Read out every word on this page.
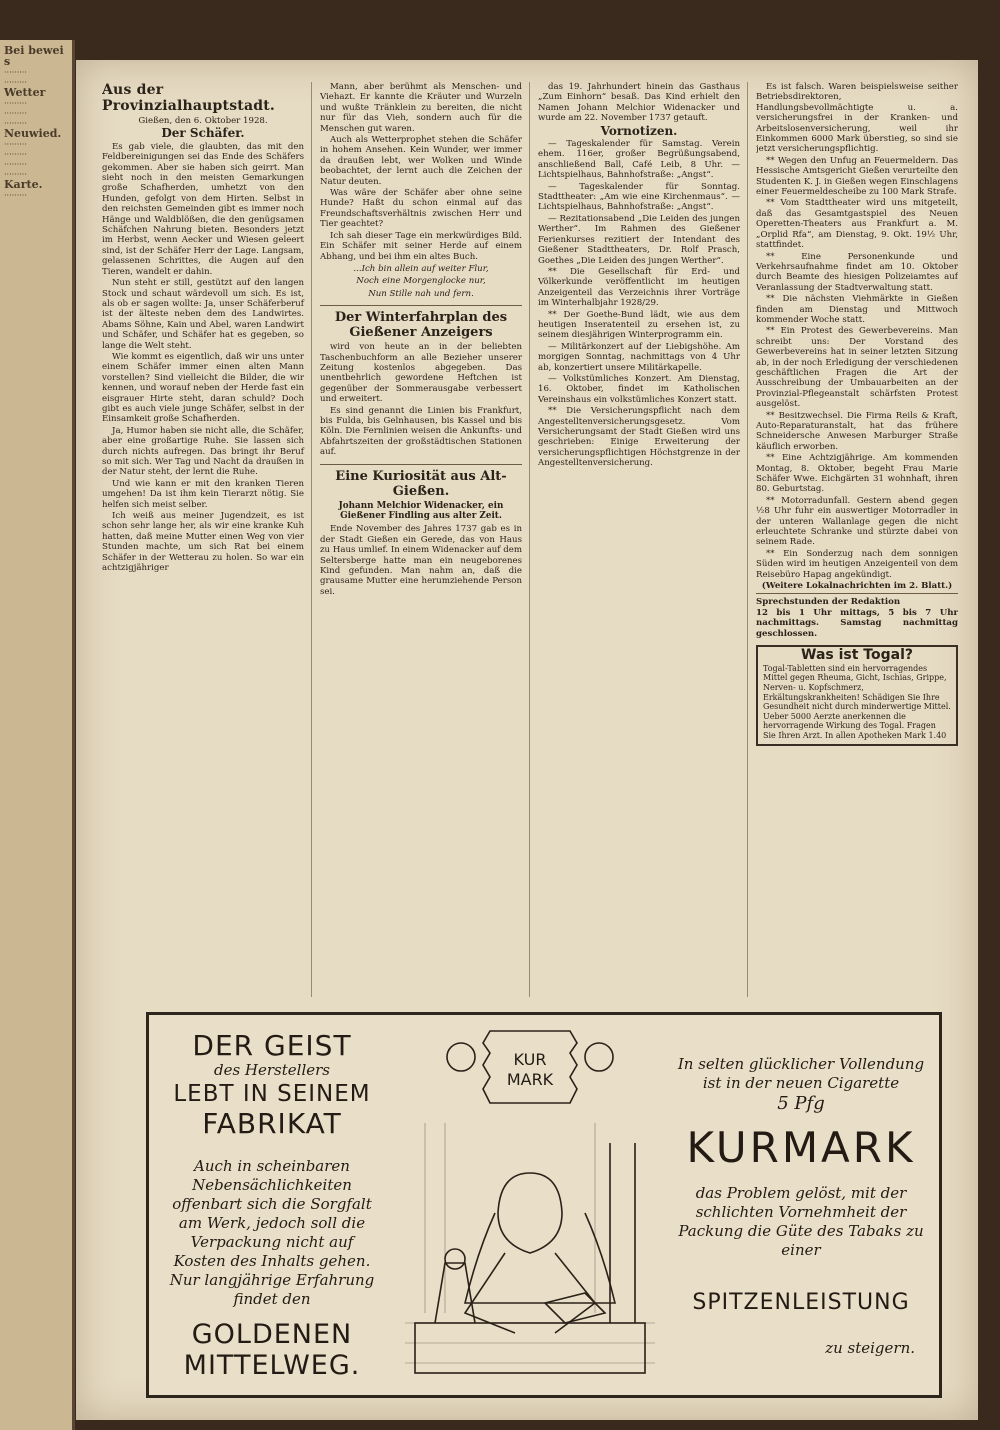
Bei beweis
·········
·········
Wetter
·········
·········
·········
Neuwied.
·········
·········
·········
·········
Karte.
·········
Aus der Provinzialhauptstadt.
Gießen, den 6. Oktober 1928.
Der Schäfer.

Es gab viele, die glaubten, das mit den Feldbereinigungen sei das Ende des Schäfers gekommen. Aber sie haben sich geirrt. Man sieht noch in den meisten Gemarkungen große Schafherden, umhetzt von den Hunden, gefolgt von dem Hirten. Selbst in den reichsten Gemeinden gibt es immer noch Hänge und Waldblößen, die den genügsamen Schäfchen Nahrung bieten. Besonders jetzt im Herbst, wenn Aecker und Wiesen geleert sind, ist der Schäfer Herr der Lage. Langsam, gelassenen Schrittes, die Augen auf den Tieren, wandelt er dahin.

Nun steht er still, gestützt auf den langen Stock und schaut wärdevoll um sich. Es ist, als ob er sagen wollte: Ja, unser Schäferberuf ist der älteste neben dem des Landwirtes. Abams Söhne, Kain und Abel, waren Landwirt und Schäfer, und Schäfer hat es gegeben, so lange die Welt steht.

Wie kommt es eigentlich, daß wir uns unter einem Schäfer immer einen alten Mann vorstellen? Sind vielleicht die Bilder, die wir kennen, und worauf neben der Herde fast ein eisgrauer Hirte steht, daran schuld? Doch gibt es auch viele junge Schäfer, selbst in der Einsamkeit große Schafherden.

Ja, Humor haben sie nicht alle, die Schäfer, aber eine großartige Ruhe. Sie lassen sich durch nichts aufregen. Das bringt ihr Beruf so mit sich. Wer Tag und Nacht da draußen in der Natur steht, der lernt die Ruhe.

Und wie kann er mit den kranken Tieren umgehen! Da ist ihm kein Tierarzt nötig. Sie helfen sich meist selber.

Ich weiß aus meiner Jugendzeit, es ist schon sehr lange her, als wir eine kranke Kuh hatten, daß meine Mutter einen Weg von vier Stunden machte, um sich Rat bei einem Schäfer in der Wetterau zu holen. So war ein achtzigjähriger

Mann, aber berühmt als Menschen- und Viehazt. Er kannte die Kräuter und Wurzeln und wußte Tränklein zu bereiten, die nicht nur für das Vieh, sondern auch für die Menschen gut waren.

Auch als Wetterprophet stehen die Schäfer in hohem Ansehen. Kein Wunder, wer immer da draußen lebt, wer Wolken und Winde beobachtet, der lernt auch die Zeichen der Natur deuten.

Was wäre der Schäfer aber ohne seine Hunde? Haßt du schon einmal auf das Freundschaftsverhältnis zwischen Herr und Tier geachtet?

Ich sah dieser Tage ein merkwürdiges Bild. Ein Schäfer mit seiner Herde auf einem Abhang, und bei ihm ein altes Buch.

...Ich bin allein auf weiter Flur,

Noch eine Morgenglocke nur,

Nun Stille nah und fern.

Der Winterfahrplan des Gießener Anzeigers

wird von heute an in der beliebten Taschenbuchform an alle Bezieher unserer Zeitung kostenlos abgegeben. Das unentbehrlich gewordene Heftchen ist gegenüber der Sommerausgabe verbessert und erweitert.

Es sind genannt die Linien bis Frankfurt, bis Fulda, bis Gelnhausen, bis Kassel und bis Köln. Die Fernlinien weisen die Ankunfts- und Abfahrtszeiten der großstädtischen Stationen auf.

Eine Kuriosität aus Alt-Gießen.
Johann Melchior Widenacker, ein Gießener Findling aus alter Zeit.

Ende November des Jahres 1737 gab es in der Stadt Gießen ein Gerede, das von Haus zu Haus umlief. In einem Widenacker auf dem Seltersberge hatte man ein neugeborenes Kind gefunden. Man nahm an, daß die grausame Mutter eine herumziehende Person sei.

das 19. Jahrhundert hinein das Gasthaus „Zum Einhorn“ besaß. Das Kind erhielt den Namen Johann Melchior Widenacker und wurde am 22. November 1737 getauft.

Vornotizen.

— Tageskalender für Samstag. Verein ehem. 116er, großer Begrüßungsabend, anschließend Ball, Café Leib, 8 Uhr. — Lichtspielhaus, Bahnhofstraße: „Angst“.

— Tageskalender für Sonntag. Stadttheater: „Am wie eine Kirchenmaus“. — Lichtspielhaus, Bahnhofstraße: „Angst“.

— Rezitationsabend „Die Leiden des jungen Werther“. Im Rahmen des Gießener Ferienkurses rezitiert der Intendant des Gießener Stadttheaters, Dr. Rolf Prasch, Goethes „Die Leiden des jungen Werther“.

** Die Gesellschaft für Erd- und Völkerkunde veröffentlicht im heutigen Anzeigenteil das Verzeichnis ihrer Vorträge im Winterhalbjahr 1928/29.

** Der Goethe-Bund lädt, wie aus dem heutigen Inseratenteil zu ersehen ist, zu seinem diesjährigen Winterprogramm ein.

— Militärkonzert auf der Liebigshöhe. Am morgigen Sonntag, nachmittags von 4 Uhr ab, konzertiert unsere Militärkapelle.

— Volkstümliches Konzert. Am Dienstag, 16. Oktober, findet im Katholischen Vereinshaus ein volkstümliches Konzert statt.

** Die Versicherungspflicht nach dem Angestelltenversicherungsgesetz. Vom Versicherungsamt der Stadt Gießen wird uns geschrieben: Einige Erweiterung der versicherungspflichtigen Höchstgrenze in der Angestelltenversicherung.

Es ist falsch. Waren beispielsweise seither Betriebsdirektoren, Handlungsbevollmächtigte u. a. versicherungsfrei in der Kranken- und Arbeitslosenversicherung, weil ihr Einkommen 6000 Mark überstieg, so sind sie jetzt versicherungspflichtig.

** Wegen den Unfug an Feuermeldern. Das Hessische Amtsgericht Gießen verurteilte den Studenten K. J. in Gießen wegen Einschlagens einer Feuermeldescheibe zu 100 Mark Strafe.

** Vom Stadttheater wird uns mitgeteilt, daß das Gesamtgastspiel des Neuen Operetten-Theaters aus Frankfurt a. M. „Orplid Rfa“, am Dienstag, 9. Okt. 19½ Uhr, stattfindet.

** Eine Personenkunde und Verkehrsaufnahme findet am 10. Oktober durch Beamte des hiesigen Polizeiamtes auf Veranlassung der Stadtverwaltung statt.

** Die nächsten Viehmärkte in Gießen finden am Dienstag und Mittwoch kommender Woche statt.

** Ein Protest des Gewerbevereins. Man schreibt uns: Der Vorstand des Gewerbevereins hat in seiner letzten Sitzung ab, in der noch Erledigung der verschiedenen geschäftlichen Fragen die Art der Ausschreibung der Umbauarbeiten an der Provinzial-Pflegeanstalt schärfsten Protest ausgelöst.

** Besitzwechsel. Die Firma Reils & Kraft, Auto-Reparaturanstalt, hat das frühere Schneidersche Anwesen Marburger Straße käuflich erworben.

** Eine Achtzigjährige. Am kommenden Montag, 8. Oktober, begeht Frau Marie Schäfer Wwe. Eichgärten 31 wohnhaft, ihren 80. Geburtstag.

** Motorradunfall. Gestern abend gegen ½8 Uhr fuhr ein auswertiger Motorradler in der unteren Wallanlage gegen die nicht erleuchtete Schranke und stürzte dabei von seinem Rade.

** Ein Sonderzug nach dem sonnigen Süden wird im heutigen Anzeigenteil von dem Reisebüro Hapag angekündigt.

(Weitere Lokalnachrichten im 2. Blatt.)

Sprechstunden der Redaktion

12 bis 1 Uhr mittags, 5 bis 7 Uhr nachmittags. Samstag nachmittag geschlossen.

Was ist Togal?
Togal-Tabletten sind ein hervorragendes Mittel gegen Rheuma, Gicht, Ischias, Grippe, Nerven- u. Kopfschmerz, Erkältungskrankheiten! Schädigen Sie Ihre Gesundheit nicht durch minderwertige Mittel. Ueber 5000 Aerzte anerkennen die hervorragende Wirkung des Togal. Fragen Sie Ihren Arzt. In allen Apotheken Mark 1.40
DER GEIST
des Herstellers
LEBT IN SEINEM
FABRIKAT
Auch in scheinbaren Nebensächlichkeiten offenbart sich die Sorgfalt am Werk, jedoch soll die Verpackung nicht auf Kosten des Inhalts gehen. Nur langjährige Erfahrung findet den
GOLDENEN MITTELWEG.
KUR
MARK
In selten glücklicher Vollendung ist in der neuen Cigarette
5 Pfg
KURMARK
das Problem gelöst, mit der schlichten Vornehmheit der Packung die Güte des Tabaks zu einer
SPITZENLEISTUNG
zu steigern.
